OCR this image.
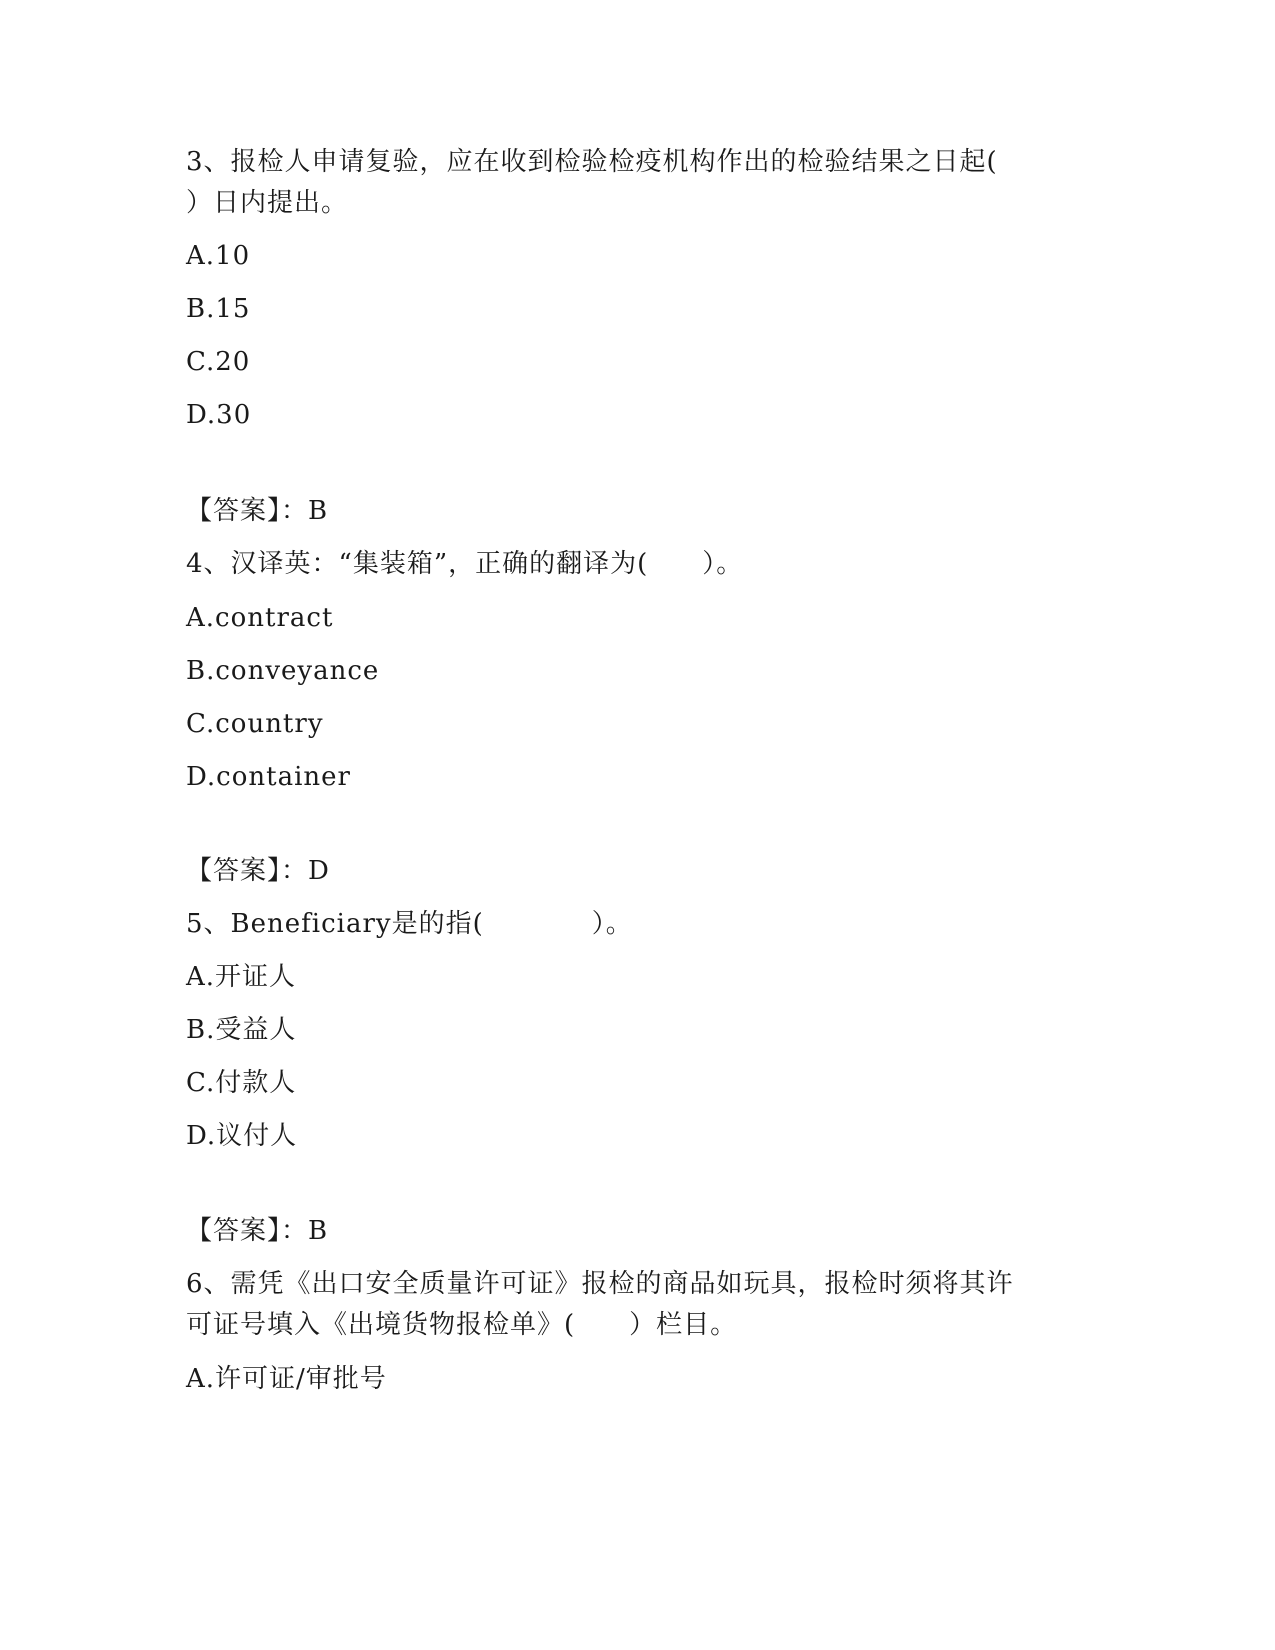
3、报检人申请复验，应在收到检验检疫机构作出的检验结果之日起(
）日内提出。
A.10
B.15
C.20
D.30
【答案】：B
4、汉译英：“集装箱”，正确的翻译为(　　）。
A.contract
B.conveyance
C.country
D.container
【答案】：D
5、Beneficiary是的指(　　　　）。
A.开证人
B.受益人
C.付款人
D.议付人
【答案】：B
6、需凭《出口安全质量许可证》报检的商品如玩具，报检时须将其许
可证号填入《出境货物报检单》(　　）栏目。
A.许可证/审批号
